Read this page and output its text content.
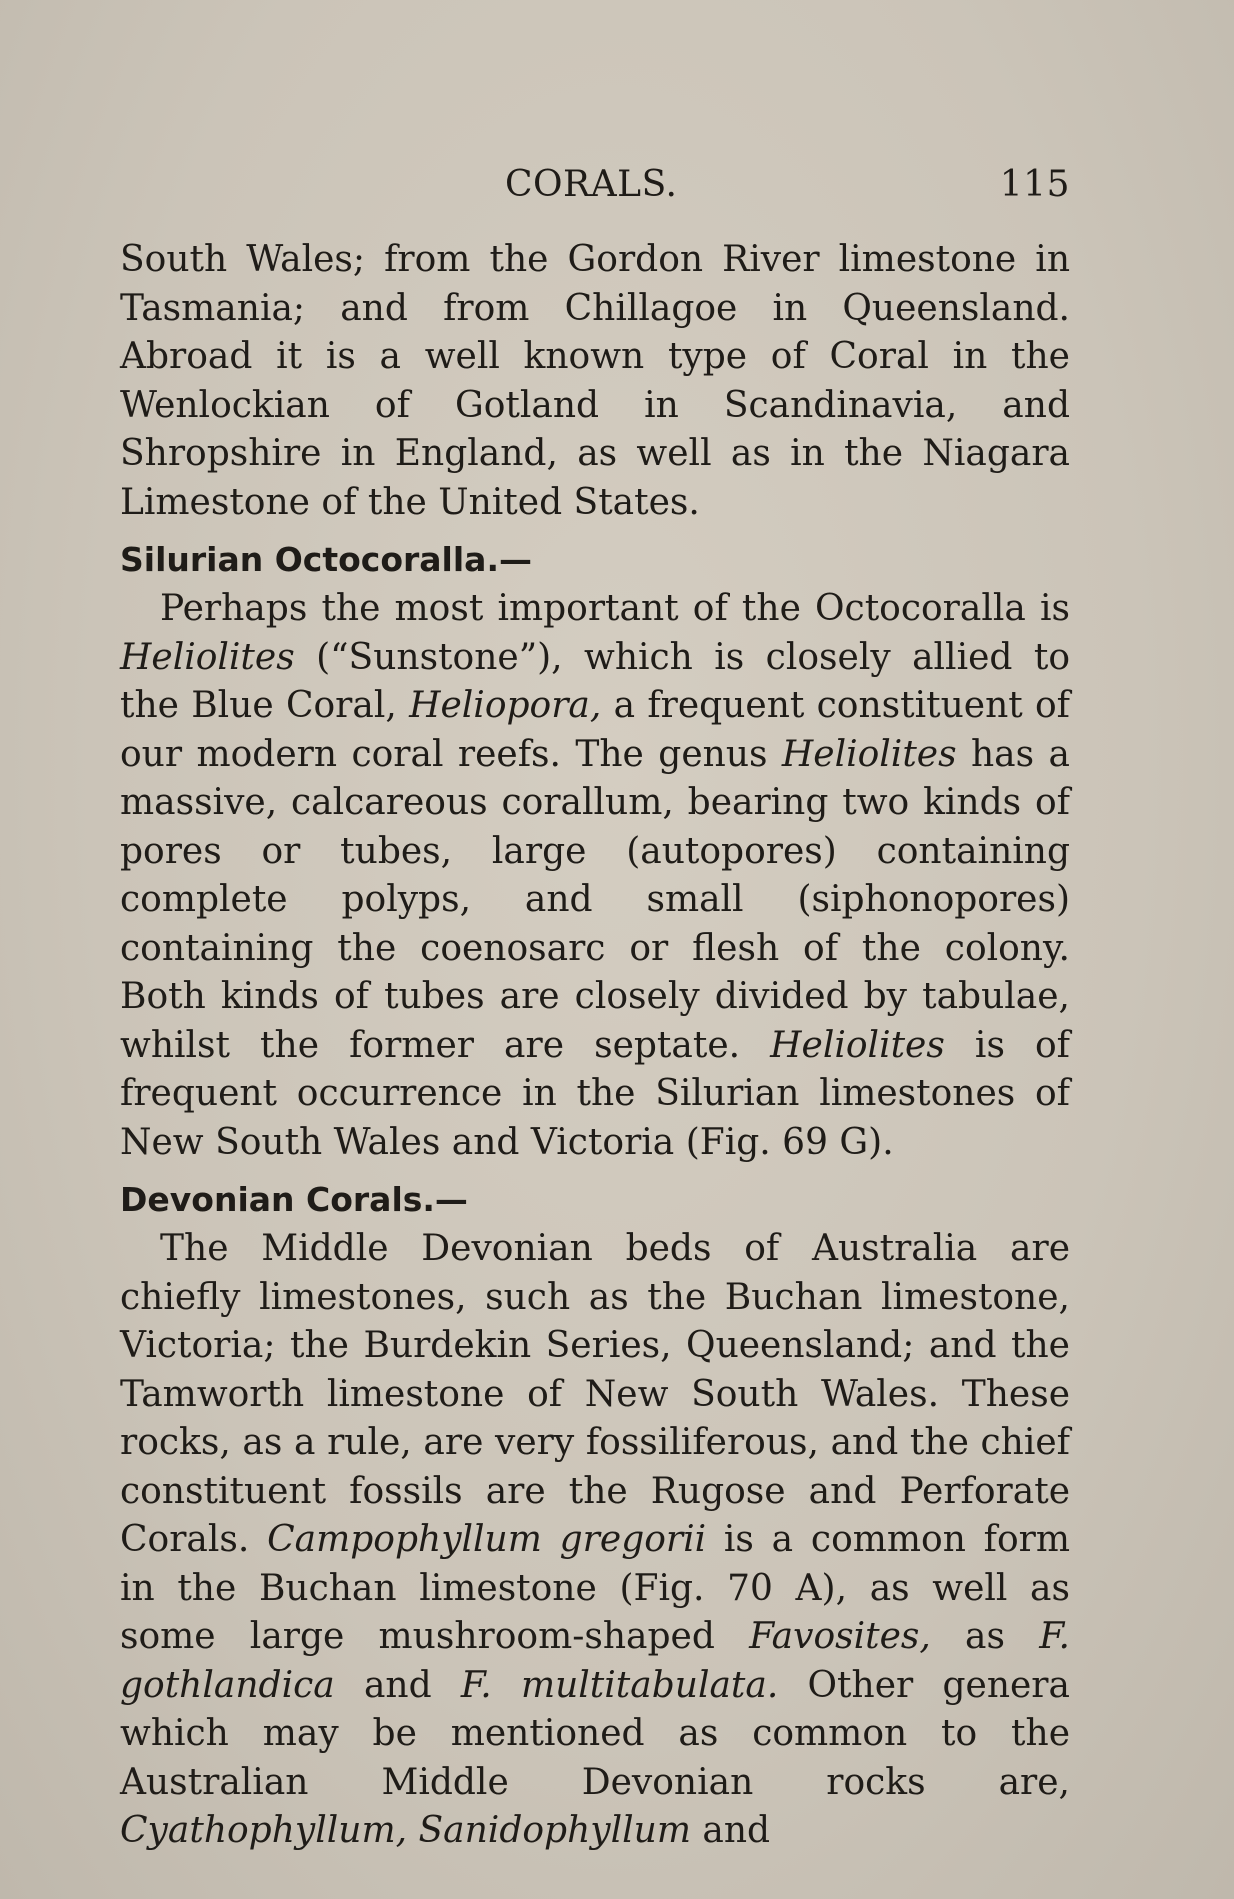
CORALS.	115

South Wales; from the Gordon River limestone in Tasmania; and from Chillagoe in Queensland. Abroad it is a well known type of Coral in the Wenlockian of Gotland in Scandinavia, and Shropshire in England, as well as in the Niagara Limestone of the United States.

Silurian Octocoralla.—

Perhaps the most important of the Octocoralla is Heliolites (“Sunstone”), which is closely allied to the Blue Coral, Heliopora, a frequent constituent of our modern coral reefs. The genus Heliolites has a massive, calcareous corallum, bearing two kinds of pores or tubes, large (autopores) containing complete polyps, and small (siphonopores) containing the coenosarc or flesh of the colony. Both kinds of tubes are closely divided by tabulae, whilst the former are septate. Heliolites is of frequent occurrence in the Silurian limestones of New South Wales and Victoria (Fig. 69 G).

Devonian Corals.—

The Middle Devonian beds of Australia are chiefly limestones, such as the Buchan limestone, Victoria; the Burdekin Series, Queensland; and the Tamworth limestone of New South Wales. These rocks, as a rule, are very fossiliferous, and the chief constituent fossils are the Rugose and Perforate Corals. Campophyllum gregorii is a common form in the Buchan limestone (Fig. 70 A), as well as some large mushroom-shaped Favosites, as F. gothlandica and F. multitabulata. Other genera which may be mentioned as common to the Australian Middle Devonian rocks are, Cyathophyllum, Sanidophyllum and
